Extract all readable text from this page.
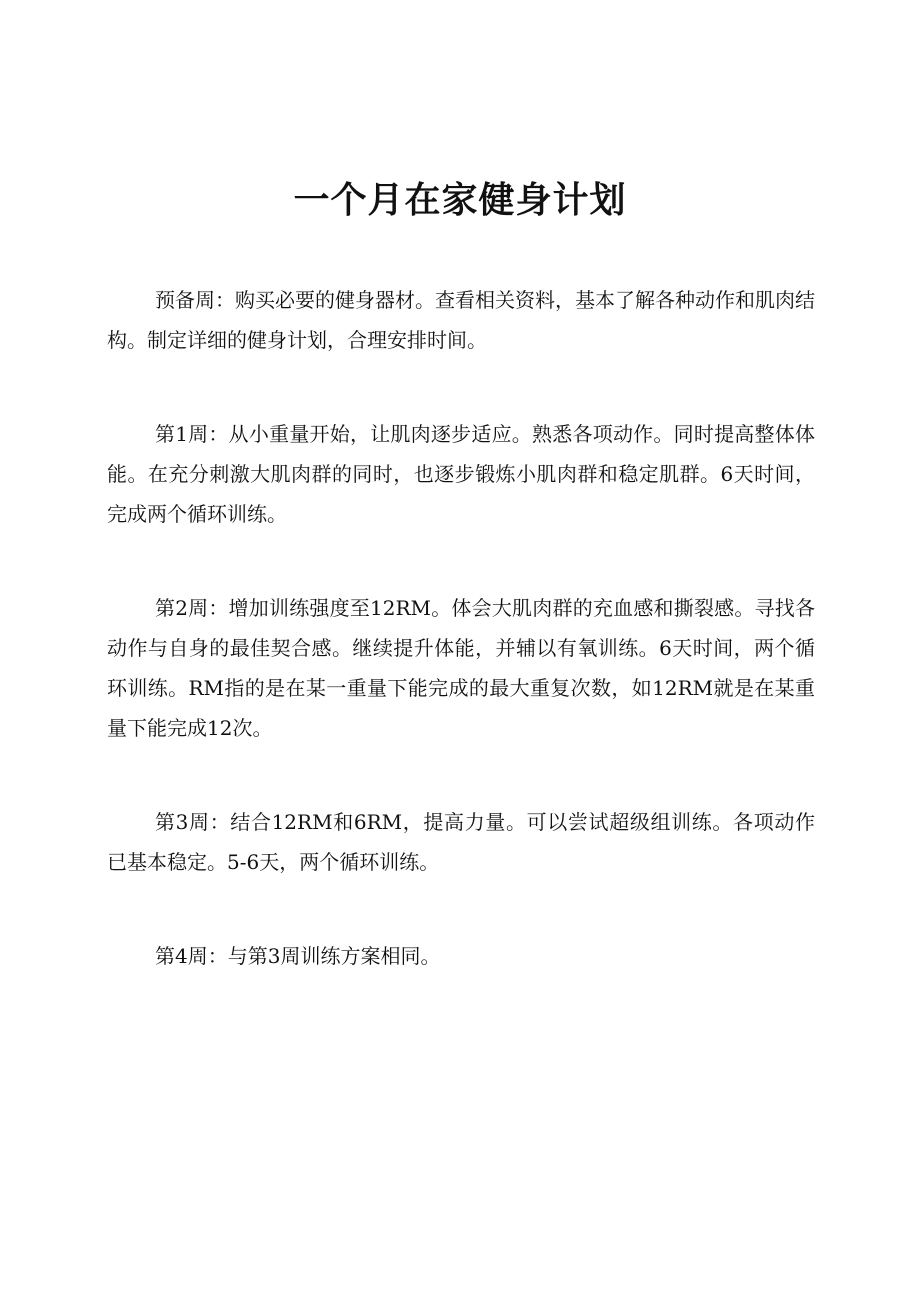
一个月在家健身计划

预备周：购买必要的健身器材。查看相关资料，基本了解各种动作和肌肉结构。制定详细的健身计划，合理安排时间。

第1周：从小重量开始，让肌肉逐步适应。熟悉各项动作。同时提高整体体能。在充分刺激大肌肉群的同时，也逐步锻炼小肌肉群和稳定肌群。6天时间，完成两个循环训练。

第2周：增加训练强度至12RM。体会大肌肉群的充血感和撕裂感。寻找各动作与自身的最佳契合感。继续提升体能，并辅以有氧训练。6天时间，两个循环训练。RM指的是在某一重量下能完成的最大重复次数，如12RM就是在某重量下能完成12次。

第3周：结合12RM和6RM，提高力量。可以尝试超级组训练。各项动作已基本稳定。5-6天，两个循环训练。

第4周：与第3周训练方案相同。
